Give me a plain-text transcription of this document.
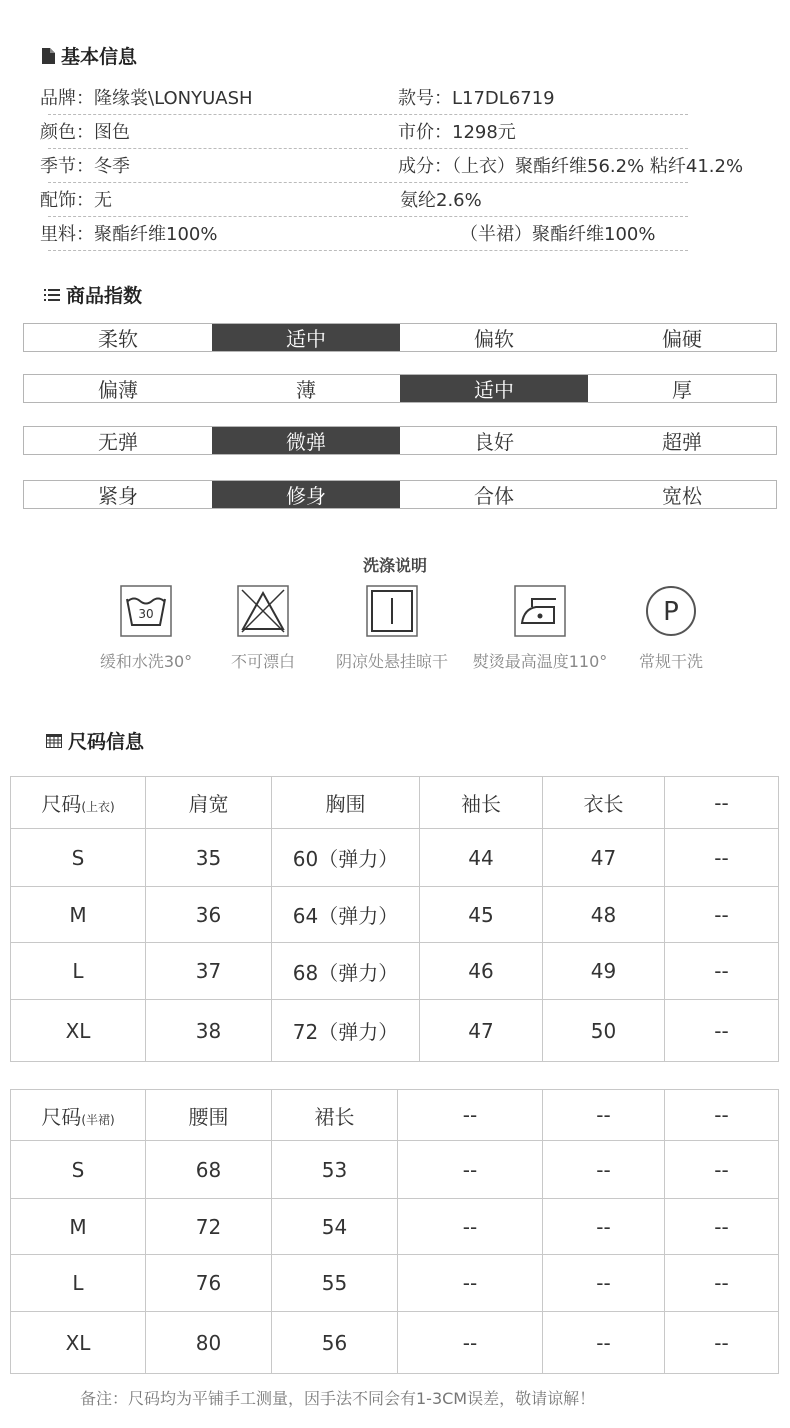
基本信息
品牌：隆缘裳\LONYUASH
颜色：图色
季节：冬季
配饰：无
里料：聚酯纤维100%
款号：L17DL6719
市价：1298元
成分：（上衣）聚酯纤维56.2% 粘纤41.2%
氨纶2.6%
（半裙）聚酯纤维100%
商品指数
柔软	适中	偏软	偏硬
偏薄	薄	适中	厚
无弹	微弹	良好	超弹
紧身	修身	合体	宽松
洗涤说明
30
缓和水洗30°	不可漂白	阴凉处悬挂晾干	熨烫最高温度110°
P
常规干洗
尺码信息
尺码(上衣)	肩宽	胸围	袖长	衣长	--
S	35	60（弹力）	44	47	--
M	36	64（弹力）	45	48	--
L	37	68（弹力）	46	49	--
XL	38	72（弹力）	47	50	--
尺码(半裙)	腰围	裙长	--	--	--
S	68	53	--	--	--
M	72	54	--	--	--
L	76	55	--	--	--
XL	80	56	--	--	--
备注：尺码均为平铺手工测量，因手法不同会有1-3CM误差，敬请谅解！
